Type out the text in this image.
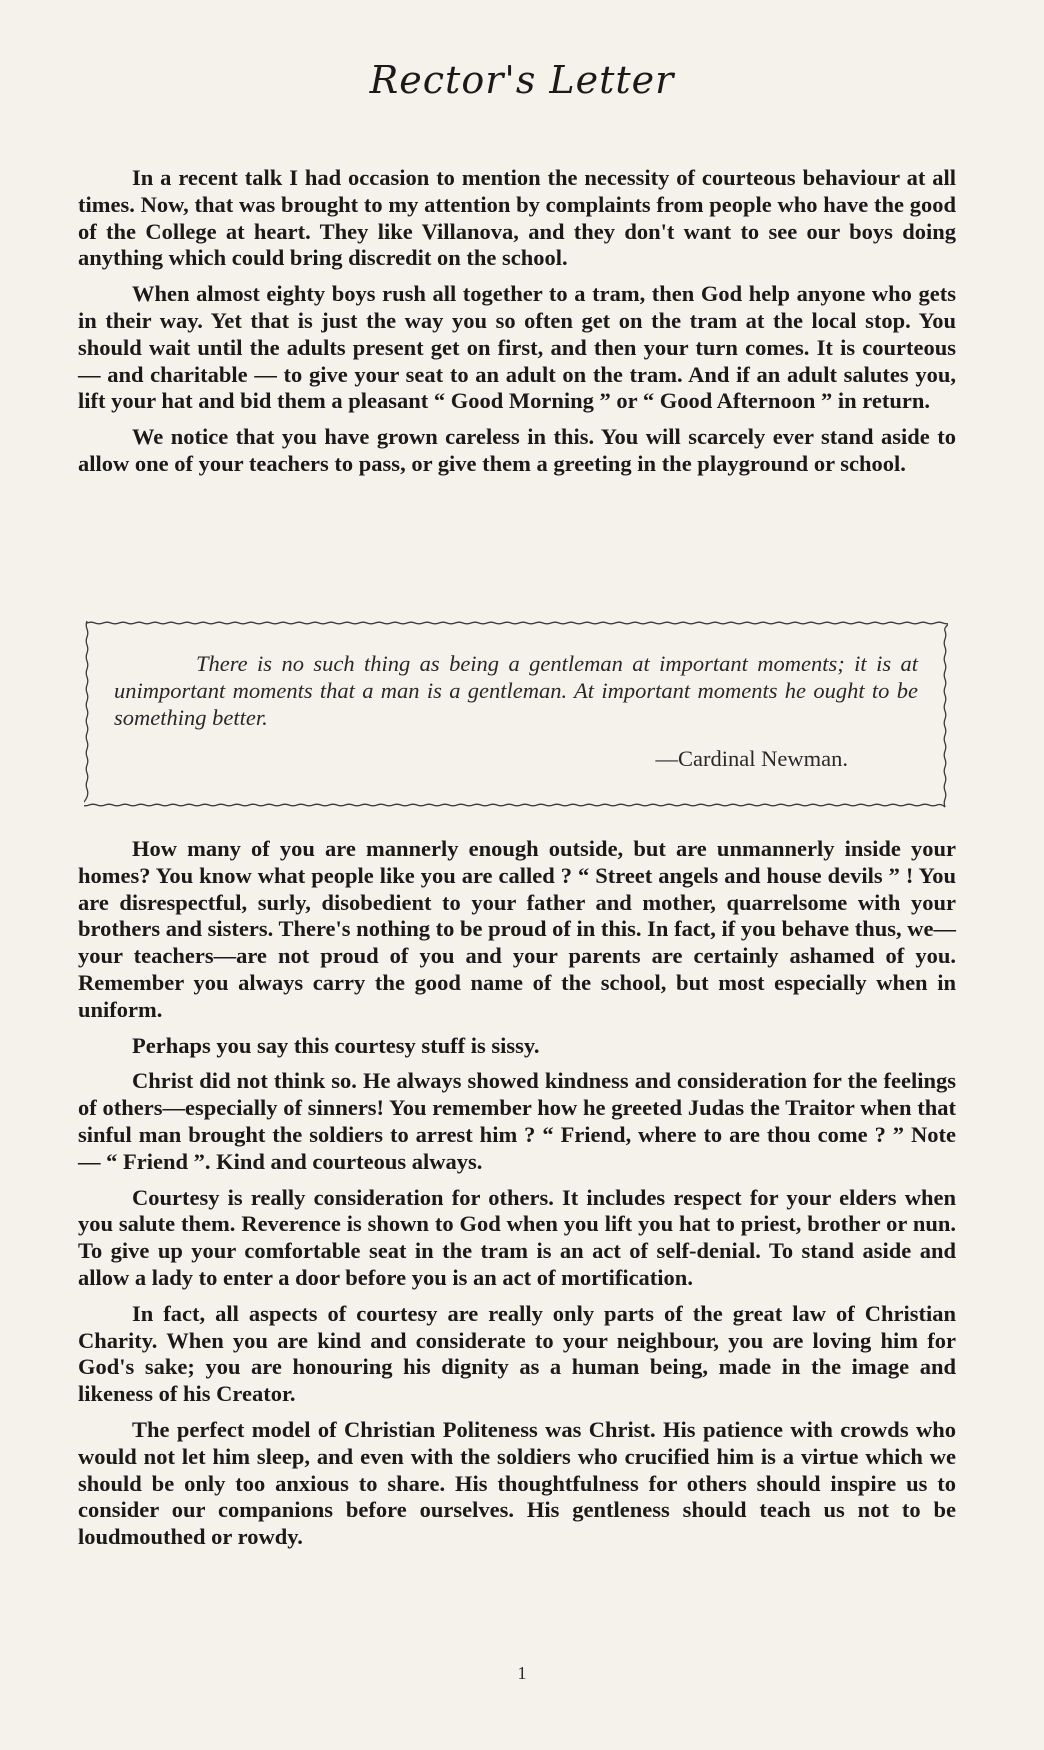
Rector's Letter

In a recent talk I had occasion to mention the necessity of courteous behaviour at all times. Now, that was brought to my attention by complaints from people who have the good of the College at heart. They like Villanova, and they don't want to see our boys doing anything which could bring discredit on the school.

When almost eighty boys rush all together to a tram, then God help anyone who gets in their way. Yet that is just the way you so often get on the tram at the local stop. You should wait until the adults present get on first, and then your turn comes. It is courteous — and charitable — to give your seat to an adult on the tram. And if an adult salutes you, lift your hat and bid them a pleasant “ Good Morning ” or “ Good Afternoon ” in return.

We notice that you have grown careless in this. You will scarcely ever stand aside to allow one of your teachers to pass, or give them a greeting in the playground or school.

There is no such thing as being a gentleman at important moments; it is at unimportant moments that a man is a gentleman. At important moments he ought to be something better.

—Cardinal Newman.

How many of you are mannerly enough outside, but are unmannerly inside your homes? You know what people like you are called ? “ Street angels and house devils ” ! You are disrespectful, surly, disobedient to your father and mother, quarrelsome with your brothers and sisters. There's nothing to be proud of in this. In fact, if you behave thus, we—your teachers—are not proud of you and your parents are certainly ashamed of you. Remember you always carry the good name of the school, but most especially when in uniform.

Perhaps you say this courtesy stuff is sissy.

Christ did not think so. He always showed kindness and consideration for the feelings of others—especially of sinners! You remember how he greeted Judas the Traitor when that sinful man brought the soldiers to arrest him ? “ Friend, where to are thou come ? ” Note — “ Friend ”. Kind and courteous always.

Courtesy is really consideration for others. It includes respect for your elders when you salute them. Reverence is shown to God when you lift you hat to priest, brother or nun. To give up your comfortable seat in the tram is an act of self-denial. To stand aside and allow a lady to enter a door before you is an act of mortification.

In fact, all aspects of courtesy are really only parts of the great law of Christian Charity. When you are kind and considerate to your neighbour, you are loving him for God's sake; you are honouring his dignity as a human being, made in the image and likeness of his Creator.

The perfect model of Christian Politeness was Christ. His patience with crowds who would not let him sleep, and even with the soldiers who crucified him is a virtue which we should be only too anxious to share. His thoughtfulness for others should inspire us to consider our companions before ourselves. His gentleness should teach us not to be loudmouthed or rowdy.

1
